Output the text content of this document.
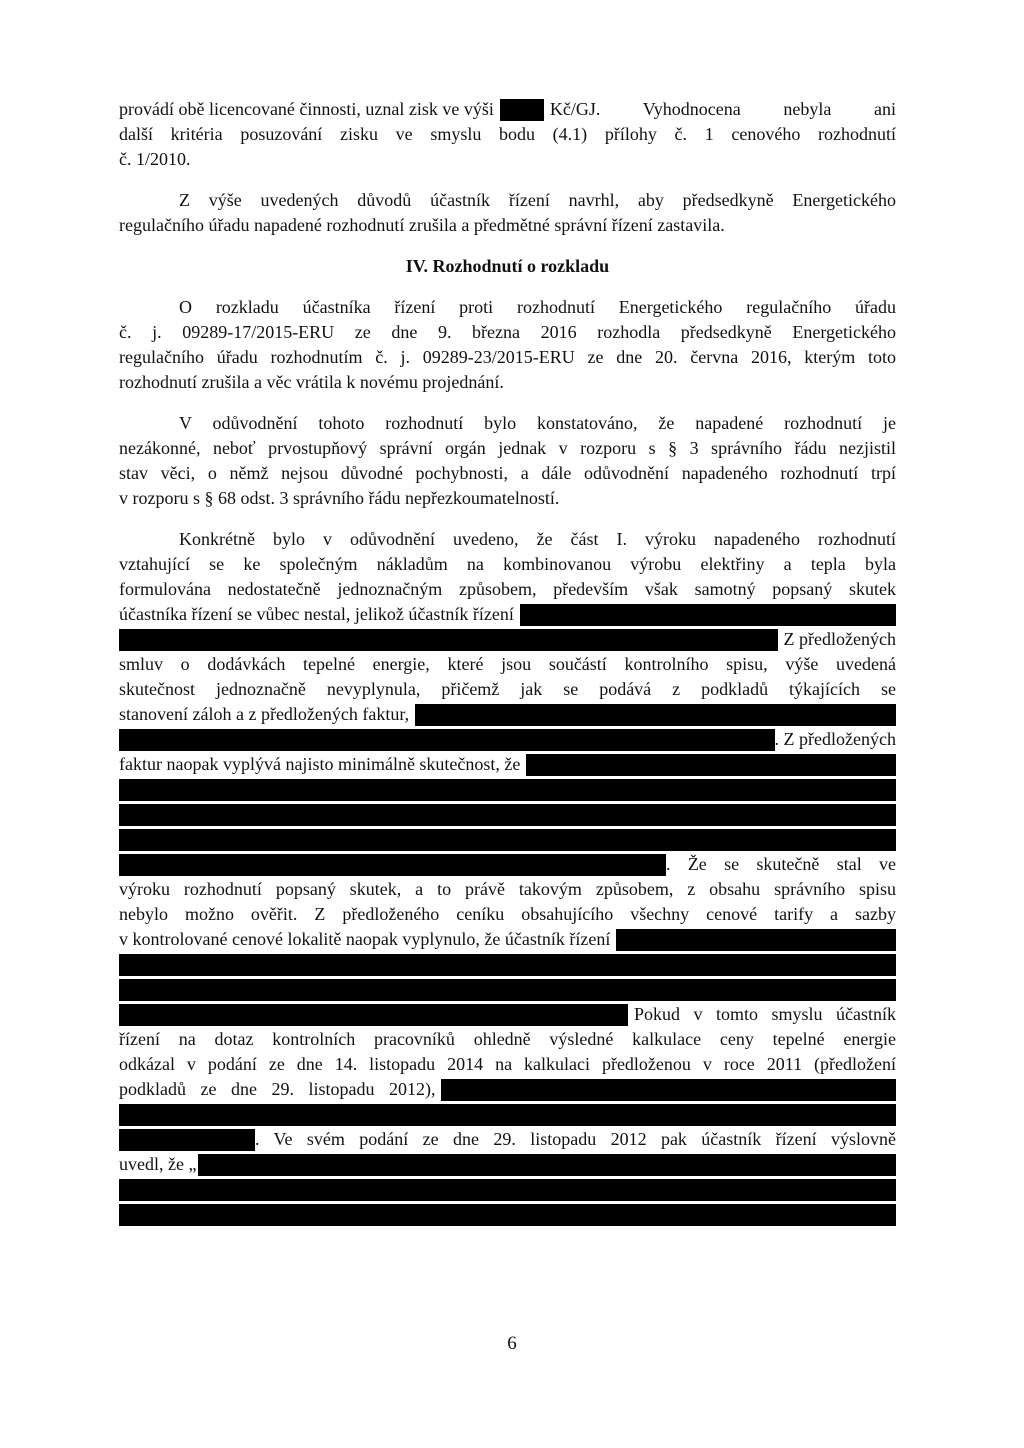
provádí obě licencované činnosti, uznal zisk ve výši	Kč/GJ. Vyhodnocena nebyla ani
další kritéria posuzování zisku ve smyslu bodu (4.1) přílohy č. 1 cenového rozhodnutí
č. 1/2010.
Z výše uvedených důvodů účastník řízení navrhl, aby předsedkyně Energetického
regulačního úřadu napadené rozhodnutí zrušila a předmětné správní řízení zastavila.
IV. Rozhodnutí o rozkladu
O rozkladu účastníka řízení proti rozhodnutí Energetického regulačního úřadu
č. j. 09289-17/2015-ERU ze dne 9. března 2016 rozhodla předsedkyně Energetického
regulačního úřadu rozhodnutím č. j. 09289-23/2015-ERU ze dne 20. června 2016, kterým toto
rozhodnutí zrušila a věc vrátila k novému projednání.
V odůvodnění tohoto rozhodnutí bylo konstatováno, že napadené rozhodnutí je
nezákonné, neboť prvostupňový správní orgán jednak v rozporu s § 3 správního řádu nezjistil
stav věci, o němž nejsou důvodné pochybnosti, a dále odůvodnění napadeného rozhodnutí trpí
v rozporu s § 68 odst. 3 správního řádu nepřezkoumatelností.
Konkrétně bylo v odůvodnění uvedeno, že část I. výroku napadeného rozhodnutí
vztahující se ke společným nákladům na kombinovanou výrobu elektřiny a tepla byla
formulována nedostatečně jednoznačným způsobem, především však samotný popsaný skutek
účastníka řízení se vůbec nestal, jelikož účastník řízení
Z předložených
smluv o dodávkách tepelné energie, které jsou součástí kontrolního spisu, výše uvedená
skutečnost jednoznačně nevyplynula, přičemž jak se podává z podkladů týkajících se
stanovení záloh a z předložených faktur,
. Z předložených
faktur naopak vyplývá najisto minimálně skutečnost, že
. Že se skutečně stal ve
výroku rozhodnutí popsaný skutek, a to právě takovým způsobem, z obsahu správního spisu
nebylo možno ověřit. Z předloženého ceníku obsahujícího všechny cenové tarify a sazby
v kontrolované cenové lokalitě naopak vyplynulo, že účastník řízení
Pokud v tomto smyslu účastník
řízení na dotaz kontrolních pracovníků ohledně výsledné kalkulace ceny tepelné energie
odkázal v podání ze dne 14. listopadu 2014 na kalkulaci předloženou v roce 2011 (předložení
podkladů ze dne 29. listopadu 2012),
. Ve svém podání ze dne 29. listopadu 2012 pak účastník řízení výslovně
uvedl, že „
6
